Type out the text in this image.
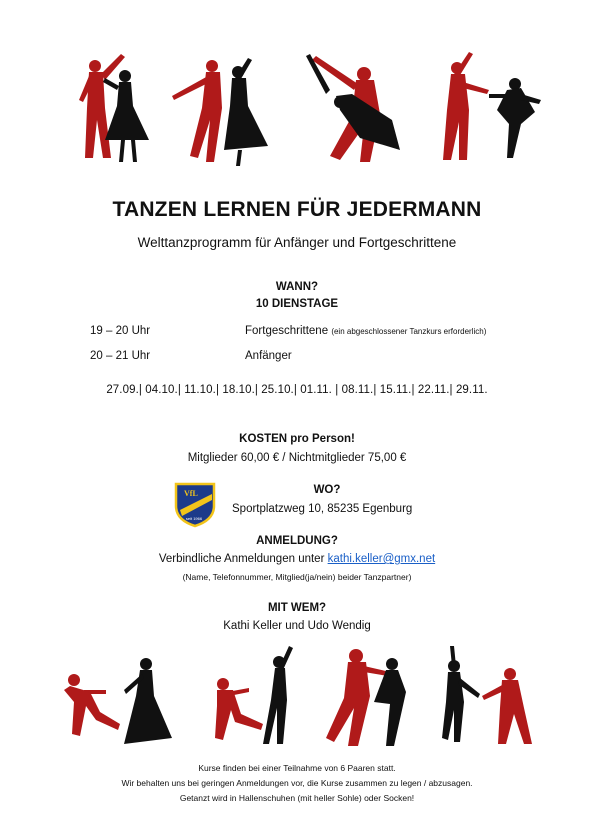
TANZEN LERNEN FÜR JEDERMANN
Welttanzprogramm für Anfänger und Fortgeschrittene
WANN?
10 DIENSTAGE
19 – 20 Uhr	Fortgeschrittene (ein abgeschlossener Tanzkurs erforderlich)
20 – 21 Uhr	Anfänger
27.09.| 04.10.| 11.10.| 18.10.| 25.10.| 01.11. | 08.11.| 15.11.| 22.11.| 29.11.
KOSTEN pro Person!
Mitglieder 60,00 € / Nichtmitglieder 75,00 €
VfL
seit 1966
WO?
Sportplatzweg 10, 85235 Egenburg
ANMELDUNG?
Verbindliche Anmeldungen unter kathi.keller@gmx.net
(Name, Telefonnummer, Mitglied(ja/nein) beider Tanzpartner)
MIT WEM?
Kathi Keller und Udo Wendig
Kurse finden bei einer Teilnahme von 6 Paaren statt.
Wir behalten uns bei geringen Anmeldungen vor, die Kurse zusammen zu legen / abzusagen.
Getanzt wird in Hallenschuhen (mit heller Sohle) oder Socken!
